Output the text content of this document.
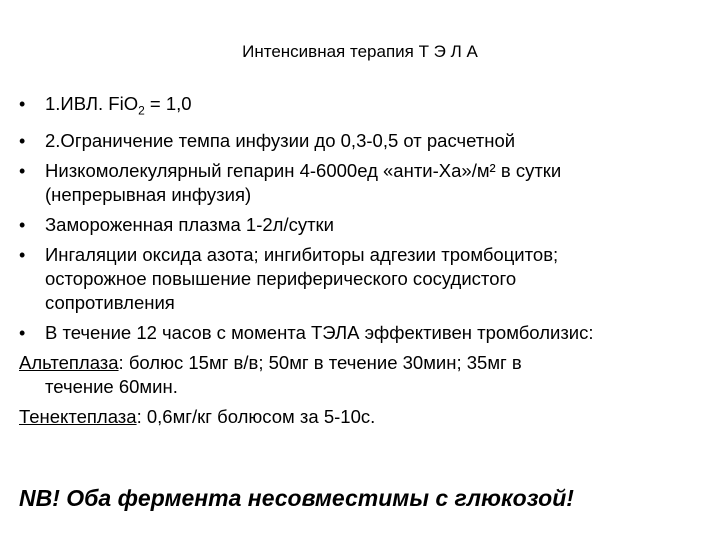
Интенсивная терапия Т Э Л А
•	1.ИВЛ. FiO$_2$ = 1,0
•	2.Ограничение темпа инфузии до 0,3-0,5 от расчетной
•	Низкомолекулярный гепарин 4-6000ед «анти-Ха»/м² в сутки
(непрерывная инфузия)
•	Замороженная плазма 1-2л/сутки
•	Ингаляции оксида азота; ингибиторы адгезии тромбоцитов;
осторожное повышение периферического сосудистого
сопротивления
•	В течение 12 часов с момента ТЭЛА эффективен тромболизис:
Альтеплаза: болюс 15мг в/в; 50мг в течение 30мин; 35мг в
течение 60мин.
Тенектеплаза: 0,6мг/кг болюсом за 5-10с.
NB! Оба фермента несовместимы с глюкозой!
